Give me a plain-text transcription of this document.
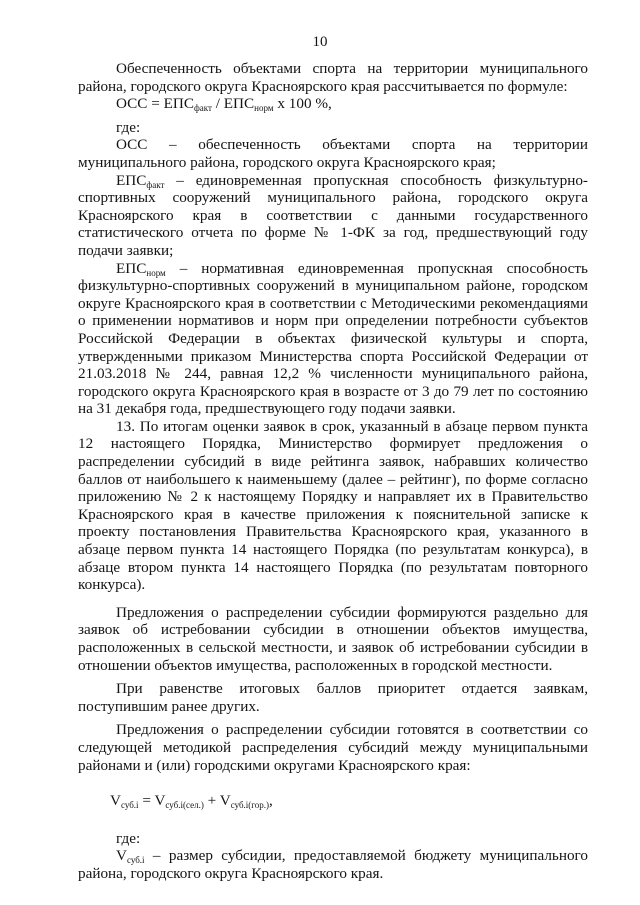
10

Обеспеченность объектами спорта на территории муниципального района, городского округа Красноярского края рассчитывается по формуле:

ОСС = $ЕПС_{факт} / ЕПС_{норм}$ x 100 %,

где:

ОСС – обеспеченность объектами спорта на территории муниципального района, городского округа Красноярского края;

$ЕПС_{факт}$ – единовременная пропускная способность физкультурно-спортивных сооружений муниципального района, городского округа Красноярского края в соответствии с данными государственного статистического отчета по форме № 1-ФК за год, предшествующий году подачи заявки;

$ЕПС_{норм}$ – нормативная единовременная пропускная способность физкультурно-спортивных сооружений в муниципальном районе, городском округе Красноярского края в соответствии с Методическими рекомендациями о применении нормативов и норм при определении потребности субъектов Российской Федерации в объектах физической культуры и спорта, утвержденными приказом Министерства спорта Российской Федерации от 21.03.2018 № 244, равная 12,2 % численности муниципального района, городского округа Красноярского края в возрасте от 3 до 79 лет по состоянию на 31 декабря года, предшествующего году подачи заявки.

13. По итогам оценки заявок в срок, указанный в абзаце первом пункта 12 настоящего Порядка, Министерство формирует предложения о распределении субсидий в виде рейтинга заявок, набравших количество баллов от наибольшего к наименьшему (далее – рейтинг), по форме согласно приложению № 2 к настоящему Порядку и направляет их в Правительство Красноярского края в качестве приложения к пояснительной записке к проекту постановления Правительства Красноярского края, указанного в абзаце первом пункта 14 настоящего Порядка (по результатам конкурса), в абзаце втором пункта 14 настоящего Порядка (по результатам повторного конкурса).

Предложения о распределении субсидии формируются раздельно для заявок об истребовании субсидии в отношении объектов имущества, расположенных в сельской местности, и заявок об истребовании субсидии в отношении объектов имущества, расположенных в городской местности.

При равенстве итоговых баллов приоритет отдается заявкам, поступившим ранее других.

Предложения о распределении субсидии готовятся в соответствии со следующей методикой распределения субсидий между муниципальными районами и (или) городскими округами Красноярского края:

$V_{суб.i} = V_{суб.i(сел.)} + V_{суб.i(гор.)}$,

где:

$V_{суб.i}$ – размер субсидии, предоставляемой бюджету муниципального района, городского округа Красноярского края.
